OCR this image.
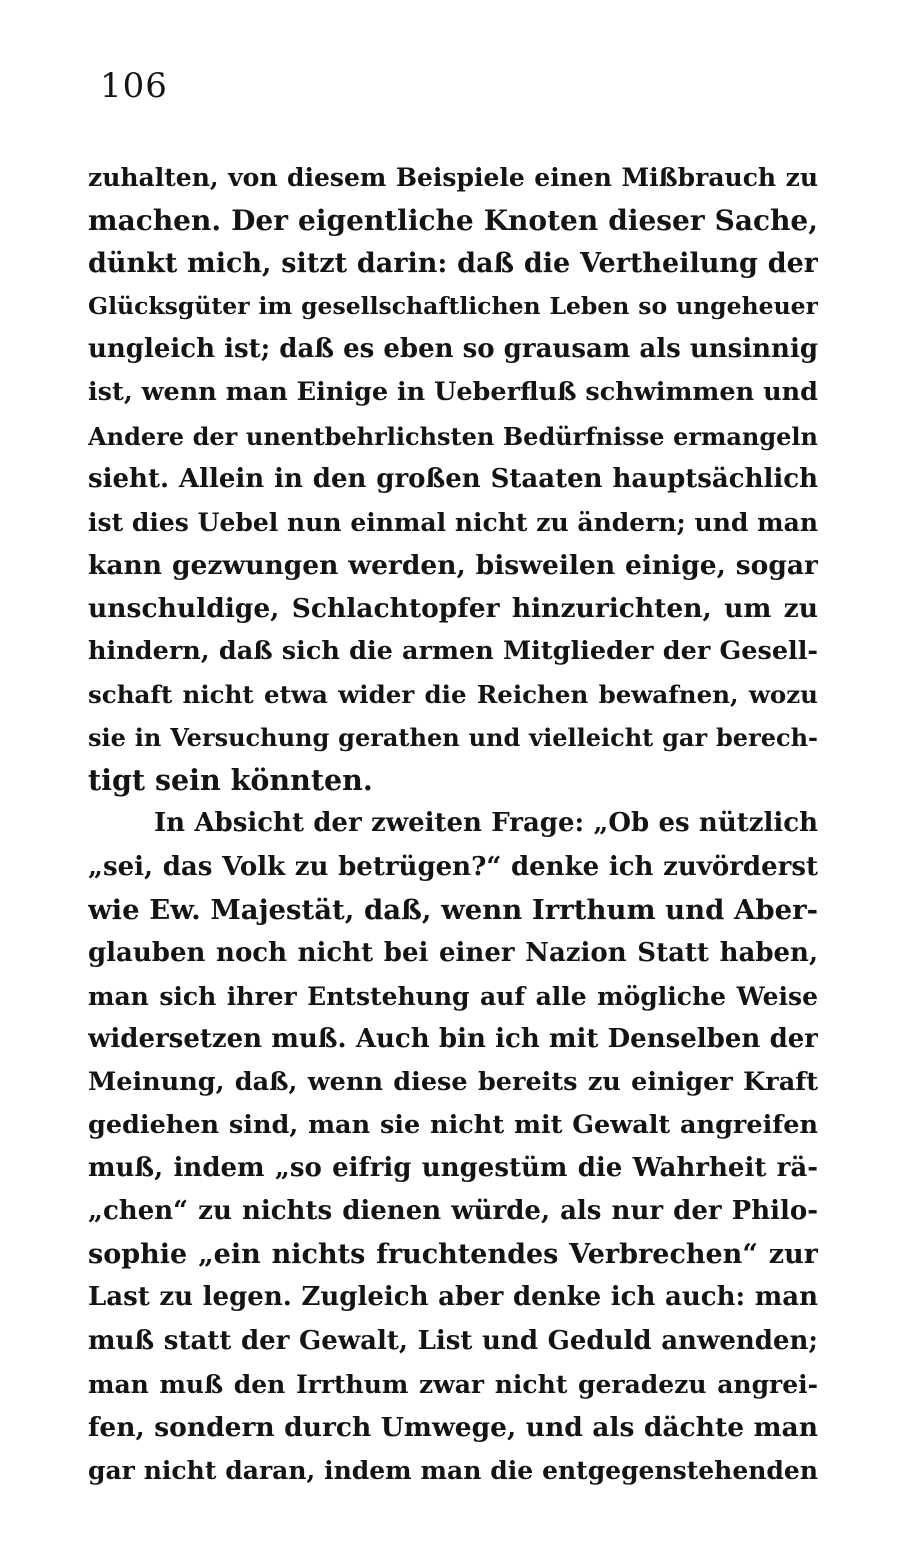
106
zuhalten, von diesem Beispiele einen Mißbrauch zu
machen. Der eigentliche Knoten dieser Sache,
dünkt mich, sitzt darin: daß die Vertheilung der
Glücksgüter im gesellschaftlichen Leben so ungeheuer
ungleich ist; daß es eben so grausam als unsinnig
ist, wenn man Einige in Ueberfluß schwimmen und
Andere der unentbehrlichsten Bedürfnisse ermangeln
sieht. Allein in den großen Staaten hauptsächlich
ist dies Uebel nun einmal nicht zu ändern; und man
kann gezwungen werden, bisweilen einige, sogar
unschuldige, Schlachtopfer hinzurichten, um zu
hindern, daß sich die armen Mitglieder der Gesell-
schaft nicht etwa wider die Reichen bewafnen, wozu
sie in Versuchung gerathen und vielleicht gar berech-
tigt sein könnten.
In Absicht der zweiten Frage: „Ob es nützlich
„sei, das Volk zu betrügen?“ denke ich zuvörderst
wie Ew. Majestät, daß, wenn Irrthum und Aber-
glauben noch nicht bei einer Nazion Statt haben,
man sich ihrer Entstehung auf alle mögliche Weise
widersetzen muß. Auch bin ich mit Denselben der
Meinung, daß, wenn diese bereits zu einiger Kraft
gediehen sind, man sie nicht mit Gewalt angreifen
muß, indem „so eifrig ungestüm die Wahrheit rä-
„chen“ zu nichts dienen würde, als nur der Philo-
sophie „ein nichts fruchtendes Verbrechen“ zur
Last zu legen. Zugleich aber denke ich auch: man
muß statt der Gewalt, List und Geduld anwenden;
man muß den Irrthum zwar nicht geradezu angrei-
fen, sondern durch Umwege, und als dächte man
gar nicht daran, indem man die entgegenstehenden
